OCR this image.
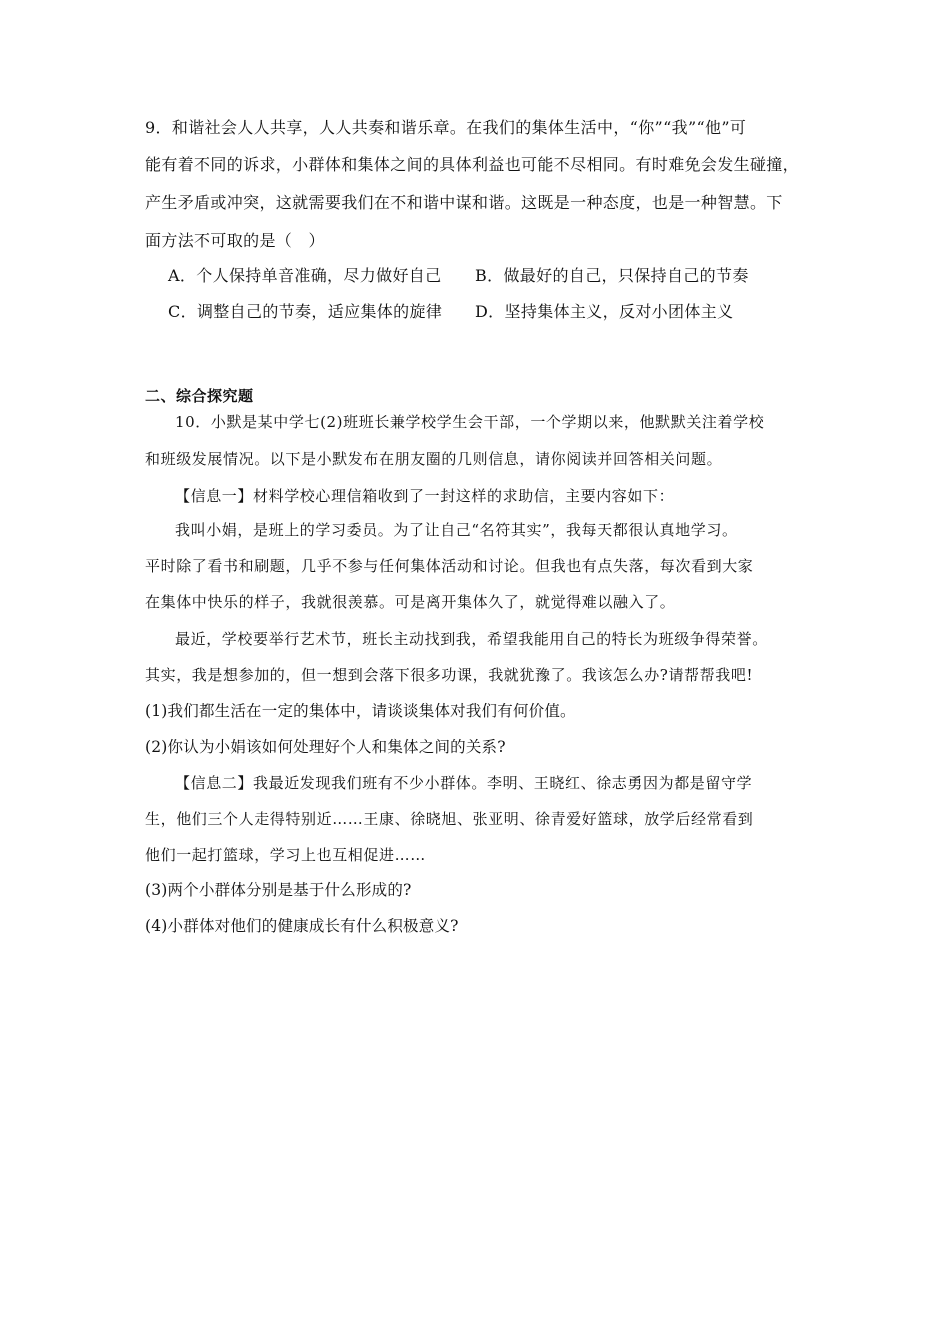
9．和谐社会人人共享，人人共奏和谐乐章。在我们的集体生活中，“你”“我”“他”可
能有着不同的诉求，小群体和集体之间的具体利益也可能不尽相同。有时难免会发生碰撞，
产生矛盾或冲突，这就需要我们在不和谐中谋和谐。这既是一种态度，也是一种智慧。下
面方法不可取的是（　）
A．个人保持单音准确，尽力做好自己 B．做最好的自己，只保持自己的节奏
C．调整自己的节奏，适应集体的旋律 D．坚持集体主义，反对小团体主义
二、综合探究题
10．小默是某中学七(2)班班长兼学校学生会干部，一个学期以来，他默默关注着学校
和班级发展情况。以下是小默发布在朋友圈的几则信息，请你阅读并回答相关问题。
【信息一】材料学校心理信箱收到了一封这样的求助信，主要内容如下：
我叫小娟，是班上的学习委员。为了让自己“名符其实”，我每天都很认真地学习。
平时除了看书和刷题，几乎不参与任何集体活动和讨论。但我也有点失落，每次看到大家
在集体中快乐的样子，我就很羡慕。可是离开集体久了，就觉得难以融入了。
最近，学校要举行艺术节，班长主动找到我，希望我能用自己的特长为班级争得荣誉。
其实，我是想参加的，但一想到会落下很多功课，我就犹豫了。我该怎么办?请帮帮我吧!
(1)我们都生活在一定的集体中，请谈谈集体对我们有何价值。
(2)你认为小娟该如何处理好个人和集体之间的关系?
【信息二】我最近发现我们班有不少小群体。李明、王晓红、徐志勇因为都是留守学
生，他们三个人走得特别近……王康、徐晓旭、张亚明、徐青爱好篮球，放学后经常看到
他们一起打篮球，学习上也互相促进……
(3)两个小群体分别是基于什么形成的?
(4)小群体对他们的健康成长有什么积极意义?
